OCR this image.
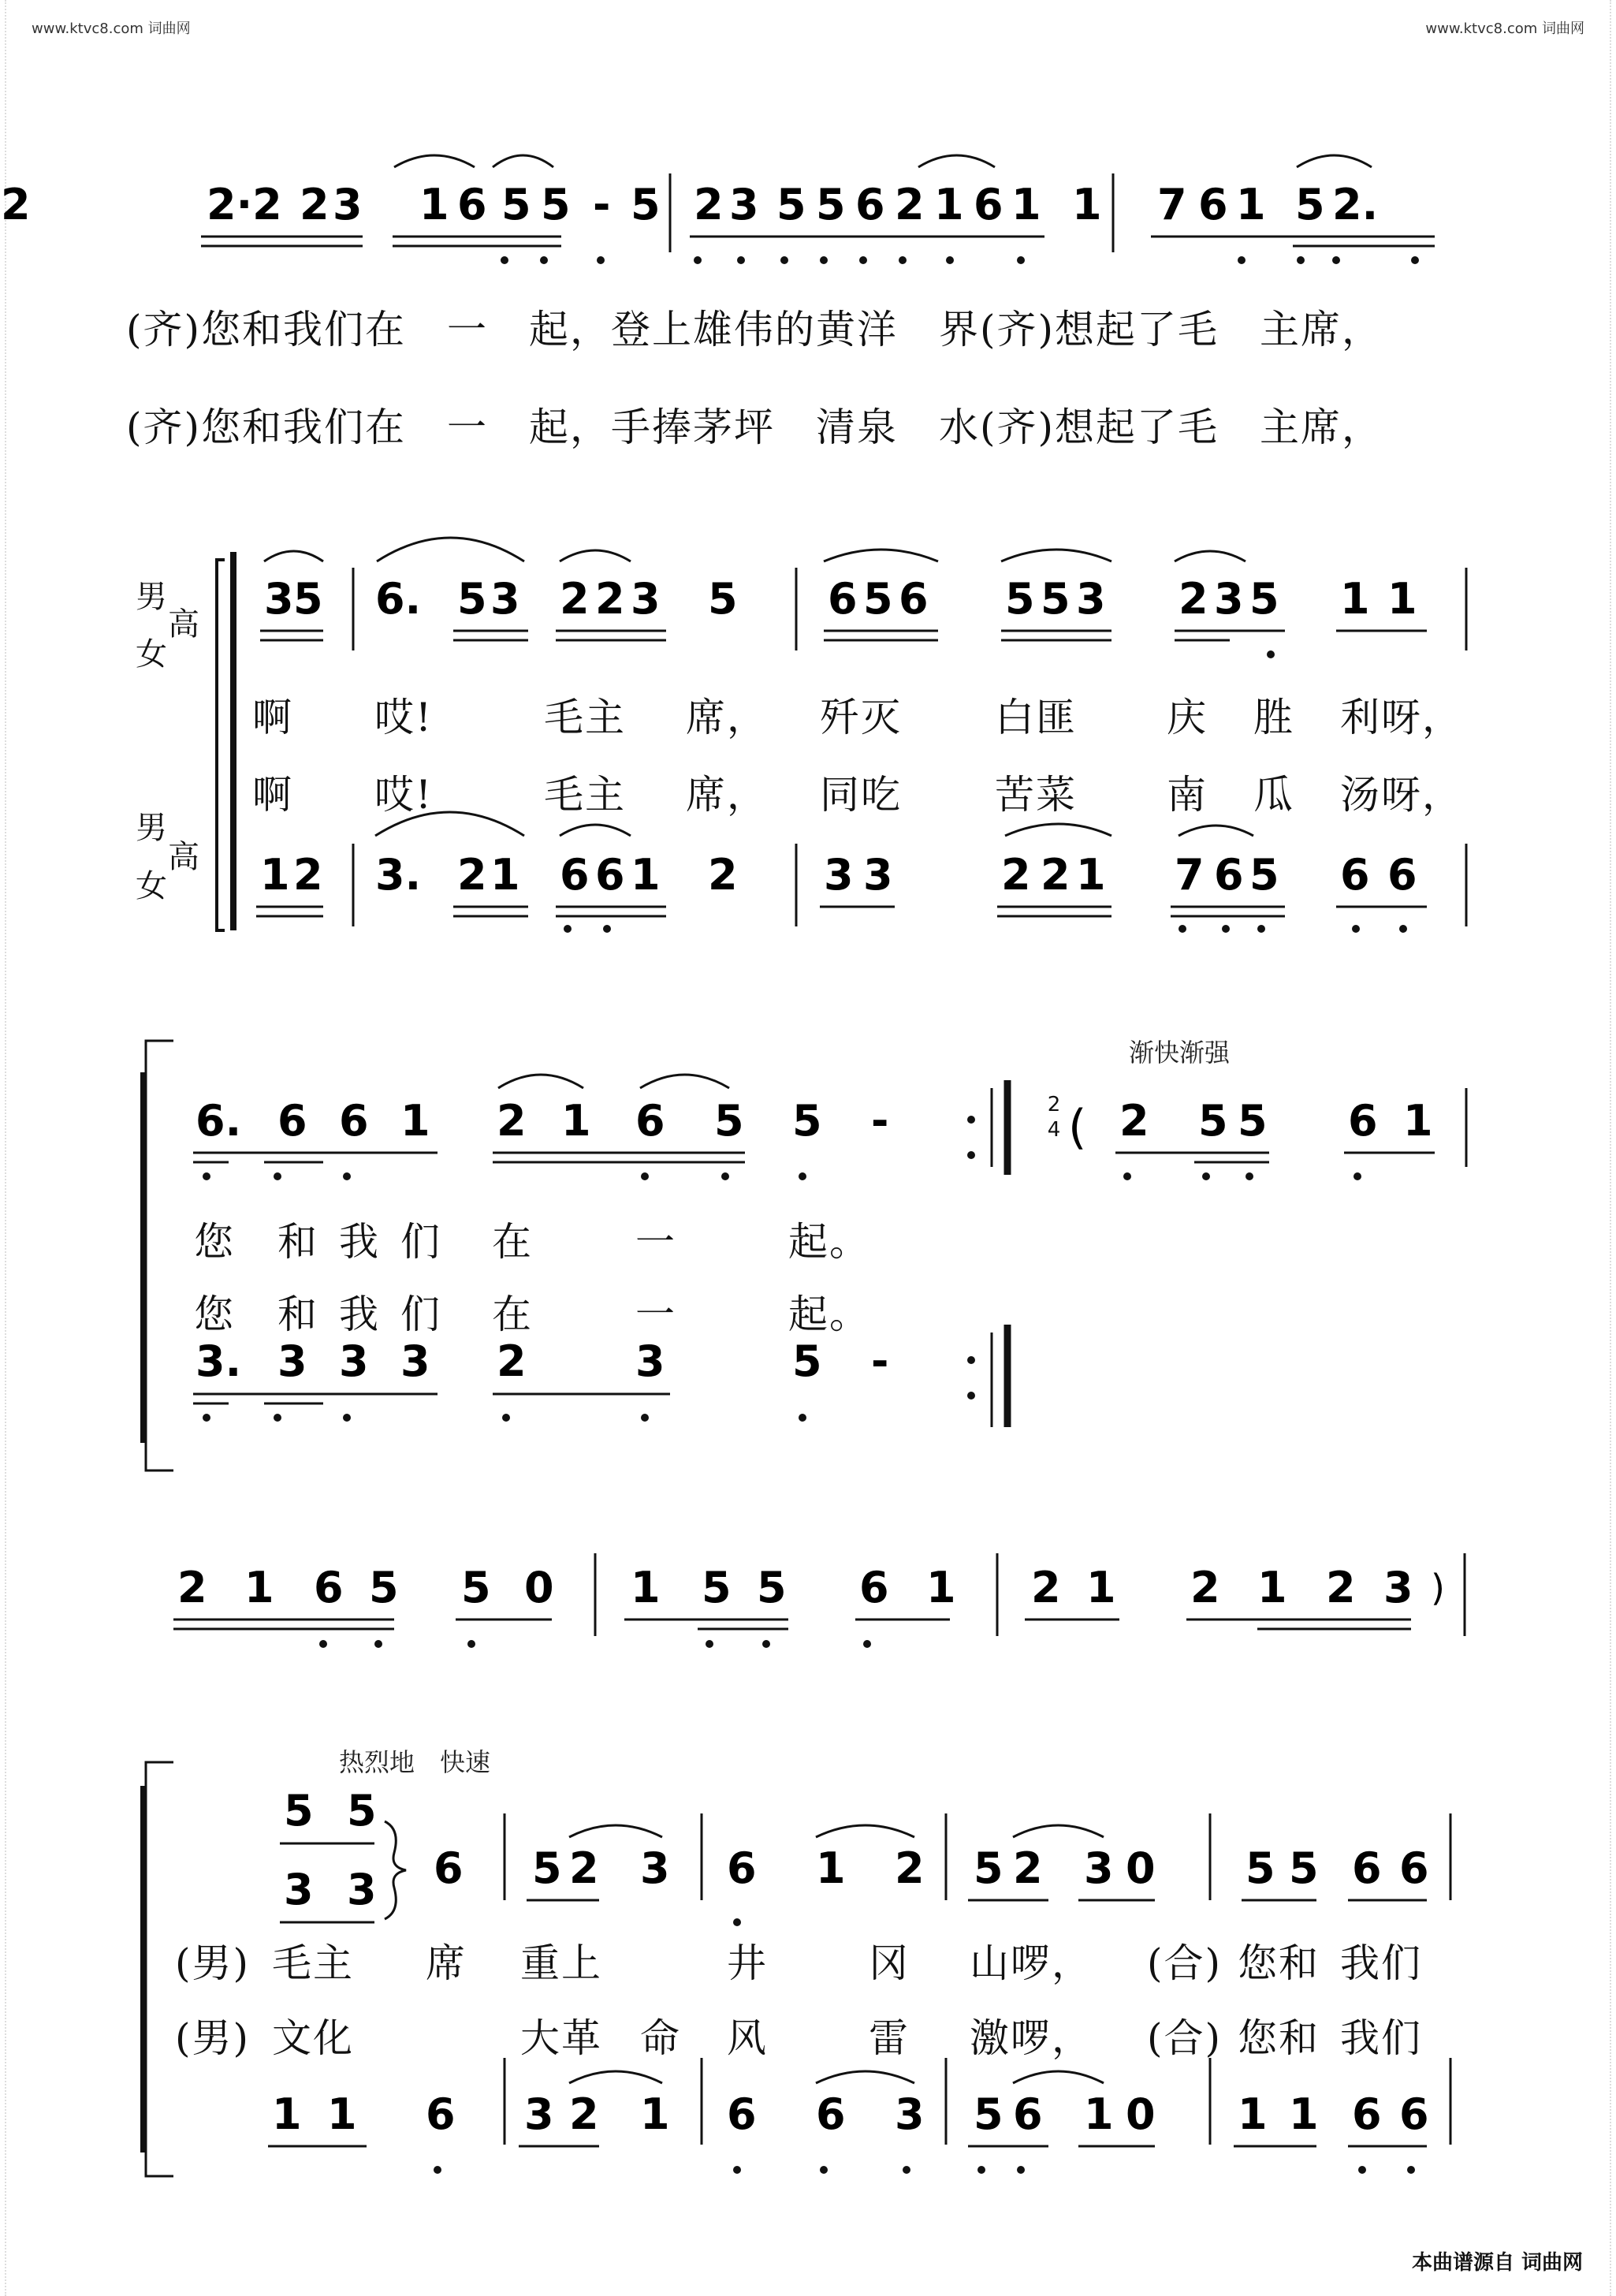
www.ktvc8.com 词曲网	www.ktvc8.com 词曲网
2·2 2 3
2	1 6 5 5 - 5 2 3 5 5 6 2 1 6 1 1 7 6 1 5 2.
3 5 6. 5 3 2 2 3 5 6 5 6 5 5 3 2 3 5 1 1
1 2 3. 2 1 6 6 1 2 3 3	2 2 1 7 6 5 6 6
6. 6 6 1 2 1 6 5 5 -	2 5 5 6 1
(
3. 3 3 3 2	3	5 -
2 1 6 5 5 0 1 5 5 6 1 2 1 2 1 2 3 )
5
3
5
3 6 5 2 3 6 1 2 5 2 3 0 5 5 6 6
1 1 6 3 2 1 6 6 3 5 6 1 0 1 1 6 6
(齐)您和我们在　一　起，登上雄伟的黄洋　界(齐)想起了毛　主席，
(齐)您和我们在　一　起，手捧茅坪　清泉　水(齐)想起了毛　主席，
男
高
女
男
高
女
啊 哎!	毛主 席， 歼灭 白匪 庆 胜 利呀，
啊 哎!	毛主 席， 同吃 苦菜 南 瓜 汤呀，
渐快渐强
2
4
您 和 我 们 在	一	起。
您 和 我 们 在	一	起。
热烈地　快速
(男) 毛主 席 重上	井	冈 山啰， (合) 您和 我们
(男) 文化	大革 命 风	雷 激啰， (合) 您和 我们
本曲谱源自 词曲网
